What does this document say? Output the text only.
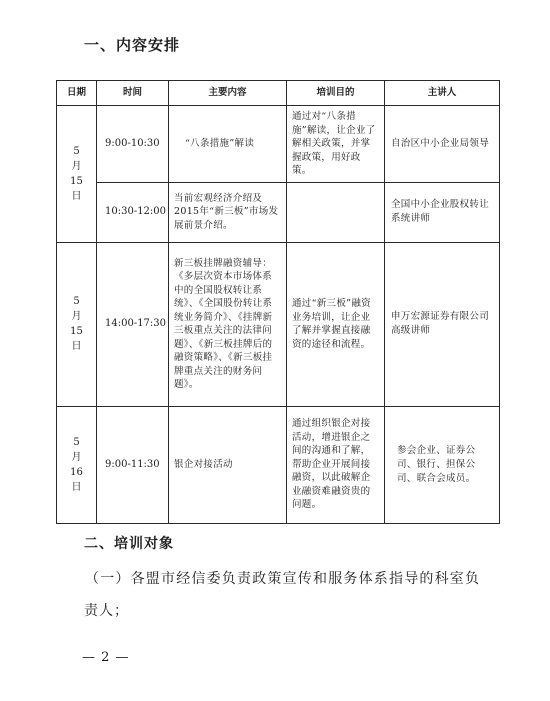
一、内容安排
日期	时间	主要内容	培训目的	主讲人
5
月
15
日	9:00-10:30	“八条措施”解读	通过对“八条措施”解读，让企业了解相关政策，并掌握政策，用好政策。	自治区中小企业局领导
	10:30-12:00	当前宏观经济介绍及2015年“新三板”市场发展前景介绍。		全国中小企业股权转让系统讲师
5
月
15
日	14:00-17:30	新三板挂牌融资辅导：《多层次资本市场体系中的全国股权转让系统》、《全国股份转让系统业务简介》、《挂牌新三板重点关注的法律问题》、《新三板挂牌后的融资策略》、《新三板挂牌重点关注的财务问题》。	通过“新三板”融资业务培训，让企业了解并掌握直接融资的途径和流程。	申万宏源证券有限公司高级讲师
5
月
16
日	9:00-11:30	银企对接活动	通过组织银企对接活动，增进银企之间的沟通和了解，帮助企业开展间接融资，以此破解企业融资难融资贵的问题。	参会企业、证券公司、银行、担保公司、联合会成员。
二、培训对象
（一）各盟市经信委负责政策宣传和服务体系指导的科室负
责人；
— 2 —
